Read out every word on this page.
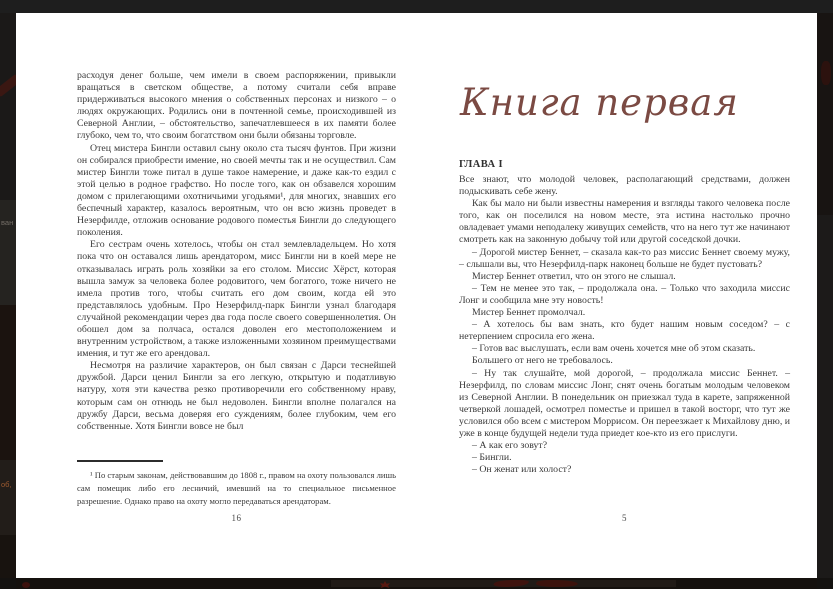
ван
об,

расходуя денег больше, чем имели в своем распоряжении, привыкли вращаться в светском обществе, а потому считали себя вправе придерживаться высокого мнения о собственных персонах и низкого – о людях окружающих. Родились они в почтенной семье, происходившей из Северной Англии, – обстоятельство, запечатлевшееся в их памяти более глубоко, чем то, что своим богатством они были обязаны торговле.

Отец мистера Бингли оставил сыну около ста тысяч фунтов. При жизни он собирался приобрести имение, но своей мечты так и не осуществил. Сам мистер Бингли тоже питал в душе такое намерение, и даже как-то ездил с этой целью в родное графство. Но после того, как он обзавелся хорошим домом с прилегающими охотничьими угодьями¹, для многих, знавших его беспечный характер, казалось вероятным, что он всю жизнь проведет в Незерфилде, отложив основание родового поместья Бингли до следующего поколения.

Его сестрам очень хотелось, чтобы он стал землевладельцем. Но хотя пока что он оставался лишь арендатором, мисс Бингли ни в коей мере не отказывалась играть роль хозяйки за его столом. Миссис Хёрст, которая вышла замуж за человека более родовитого, чем богатого, тоже ничего не имела против того, чтобы считать его дом своим, когда ей это представлялось удобным. Про Незерфилд-парк Бингли узнал благодаря случайной рекомендации через два года после своего совершеннолетия. Он обошел дом за полчаса, остался доволен его местоположением и внутренним устройством, а также изложенными хозяином преимуществами имения, и тут же его арендовал.

Несмотря на различие характеров, он был связан с Дарси теснейшей дружбой. Дарси ценил Бингли за его легкую, открытую и податливую натуру, хотя эти качества резко противоречили его собственному нраву, которым сам он отнюдь не был недоволен. Бингли вполне полагался на дружбу Дарси, весьма доверяя его суждениям, более глубоким, чем его собственные. Хотя Бингли вовсе не был

¹ По старым законам, действовавшим до 1808 г., правом на охоту пользовался лишь сам помещик либо его лесничий, имевший на то специальное письменное разрешение. Однако право на охоту могло передаваться арендаторам.
16
Книга первая
ГЛАВА I

Все знают, что молодой человек, располагающий средствами, должен подыскивать себе жену.

Как бы мало ни были известны намерения и взгляды такого человека после того, как он поселился на новом месте, эта истина настолько прочно овладевает умами неподалеку живущих семейств, что на него тут же начинают смотреть как на законную добычу той или другой соседской дочки.

– Дорогой мистер Беннет, – сказала как-то раз миссис Беннет своему мужу, – слышали вы, что Незерфилд-парк наконец больше не будет пустовать?

Мистер Беннет ответил, что он этого не слышал.

– Тем не менее это так, – продолжала она. – Только что заходила миссис Лонг и сообщила мне эту новость!

Мистер Беннет промолчал.

– А хотелось бы вам знать, кто будет нашим новым соседом? – с нетерпением спросила его жена.

– Готов вас выслушать, если вам очень хочется мне об этом сказать.

Большего от него не требовалось.

– Ну так слушайте, мой дорогой, – продолжала миссис Беннет. – Незерфилд, по словам миссис Лонг, снят очень богатым молодым человеком из Северной Англии. В понедельник он приезжал туда в карете, запряженной четверкой лошадей, осмотрел поместье и пришел в такой восторг, что тут же условился обо всем с мистером Моррисом. Он переезжает к Михайлову дню, и уже в конце будущей недели туда приедет кое-кто из его прислуги.

– А как его зовут?

– Бингли.

– Он женат или холост?

5
